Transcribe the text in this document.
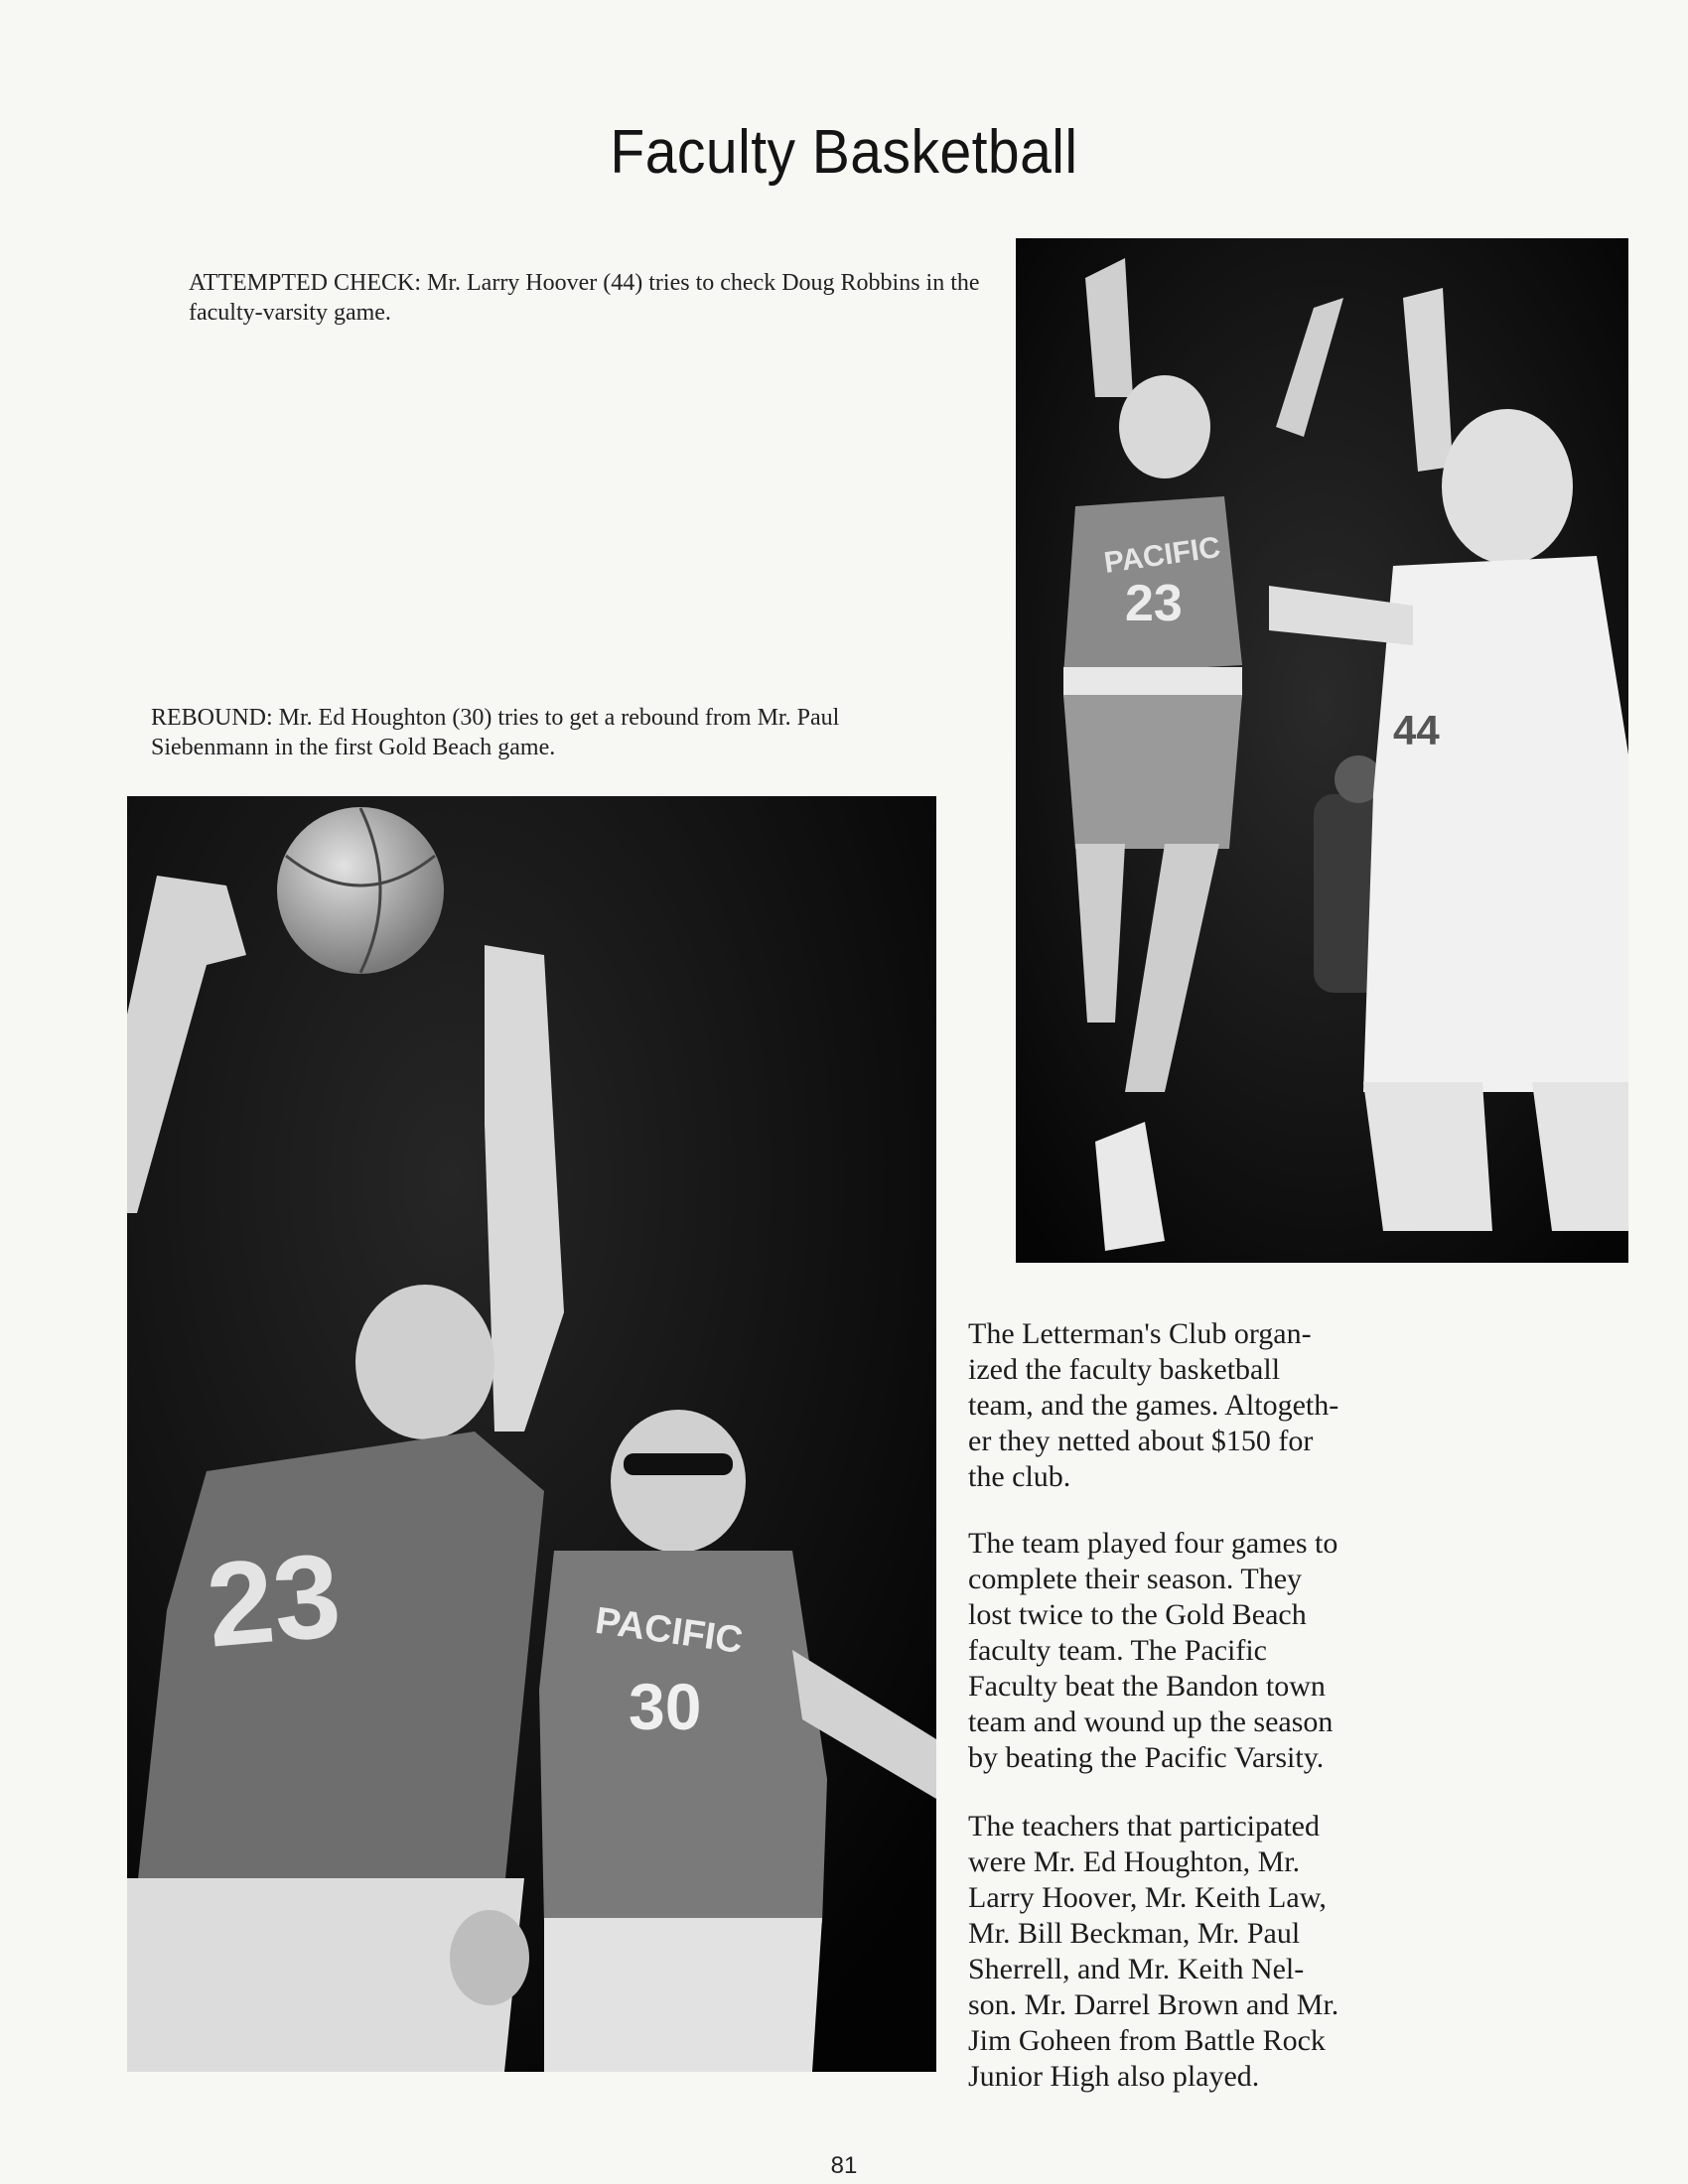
Faculty Basketball
ATTEMPTED CHECK: Mr. Larry Hoover (44) tries to check Doug Robbins in the faculty-varsity game.
REBOUND: Mr. Ed Houghton (30) tries to get a rebound from Mr. Paul Siebenmann in the first Gold Beach game.
PACIFIC
23
44
23	PACIFIC
30

The Letterman's Club organ-
ized the faculty basketball
team, and the games. Altogeth-
er they netted about $150 for
the club.

The team played four games to
complete their season. They
lost twice to the Gold Beach
faculty team. The Pacific
Faculty beat the Bandon town
team and wound up the season
by beating the Pacific Varsity.

The teachers that participated
were Mr. Ed Houghton, Mr.
Larry Hoover, Mr. Keith Law,
Mr. Bill Beckman, Mr. Paul
Sherrell, and Mr. Keith Nel-
son. Mr. Darrel Brown and Mr.
Jim Goheen from Battle Rock
Junior High also played.

81
